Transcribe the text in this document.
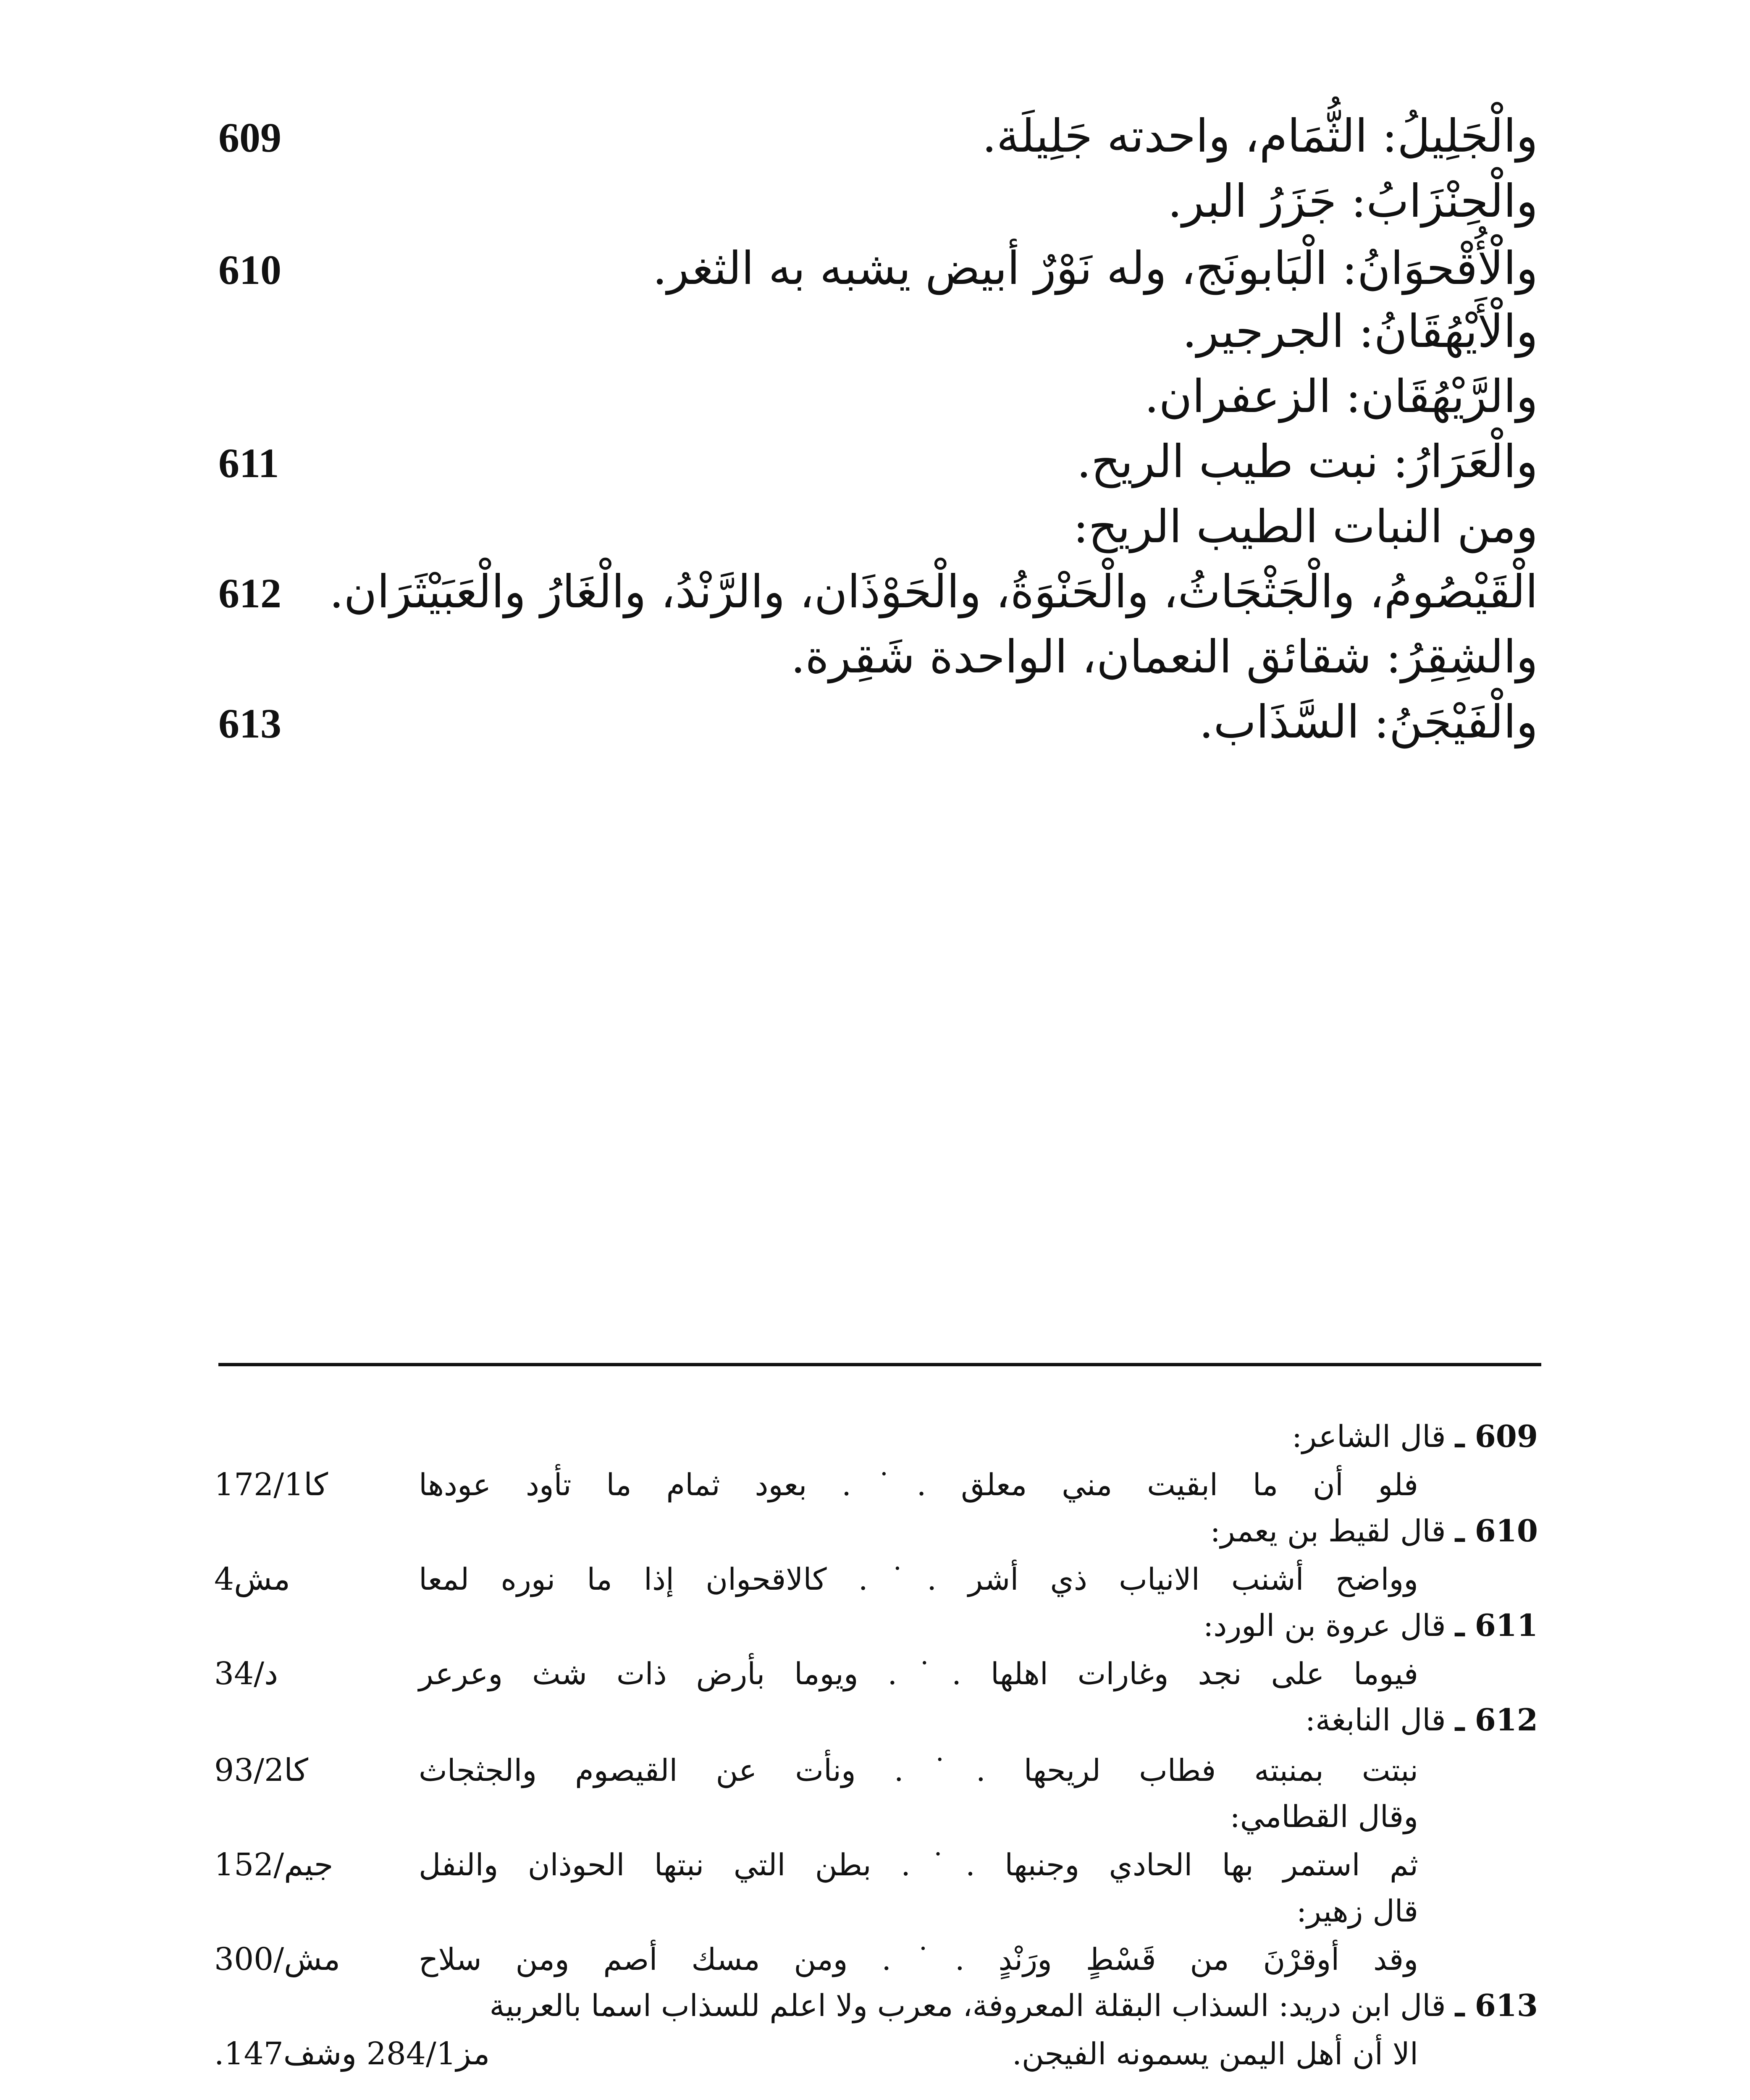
والْجَلِيلُ: الثُّمَام، واحدته جَلِيلَة.
609
والْحِنْزَابُ: جَزَرُ البر.
والْأُقْحوَانُ: الْبَابونَج، وله نَوْرٌ أبيض يشبه به الثغر.
610
والْأَيْهُقَانُ: الجرجير.
والرَّيْهُقَان: الزعفران.
والْعَرَارُ: نبت طيب الريح.
611
ومن النبات الطيب الريح:
الْقَيْصُومُ، والْجَثْجَاثُ، والْحَنْوَةُ، والْحَوْذَان، والرَّنْدُ، والْغَارُ والْعَبَيْثَرَان.
612
والشِقِرُ: شقائق النعمان، الواحدة شَقِرة.
والْفَيْجَنُ: السَّذَاب.
613
609 ـ قال الشاعر:
فلو أن ما ابقيت مني معلق .˙. بعود ثمام ما تأود عودها
كا172/1
610 ـ قال لقيط بن يعمر:
وواضح أشنب الانياب ذي أشر .˙. كالاقحوان إذا ما نوره لمعا
مش4
611 ـ قال عروة بن الورد:
فيوما على نجد وغارات اهلها .˙. ويوما بأرض ذات شث وعرعر
د/34
612 ـ قال النابغة:
نبتت بمنبته فطاب لريحها .˙. ونأت عن القيصوم والجثجاث
كا93/2
وقال القطامي:
ثم استمر بها الحادي وجنبها .˙. بطن التي نبتها الحوذان والنفل
جيم/152
قال زهير:
وقد أوقرْنَ من قَسْطٍ ورَنْدٍ .˙. ومن مسك أصم ومن سلاح
مش/300
613 ـ قال ابن دريد: السذاب البقلة المعروفة، معرب ولا اعلم للسذاب اسما بالعربية
الا أن أهل اليمن يسمونه الفيجن.
مز284/1 وشف147.
